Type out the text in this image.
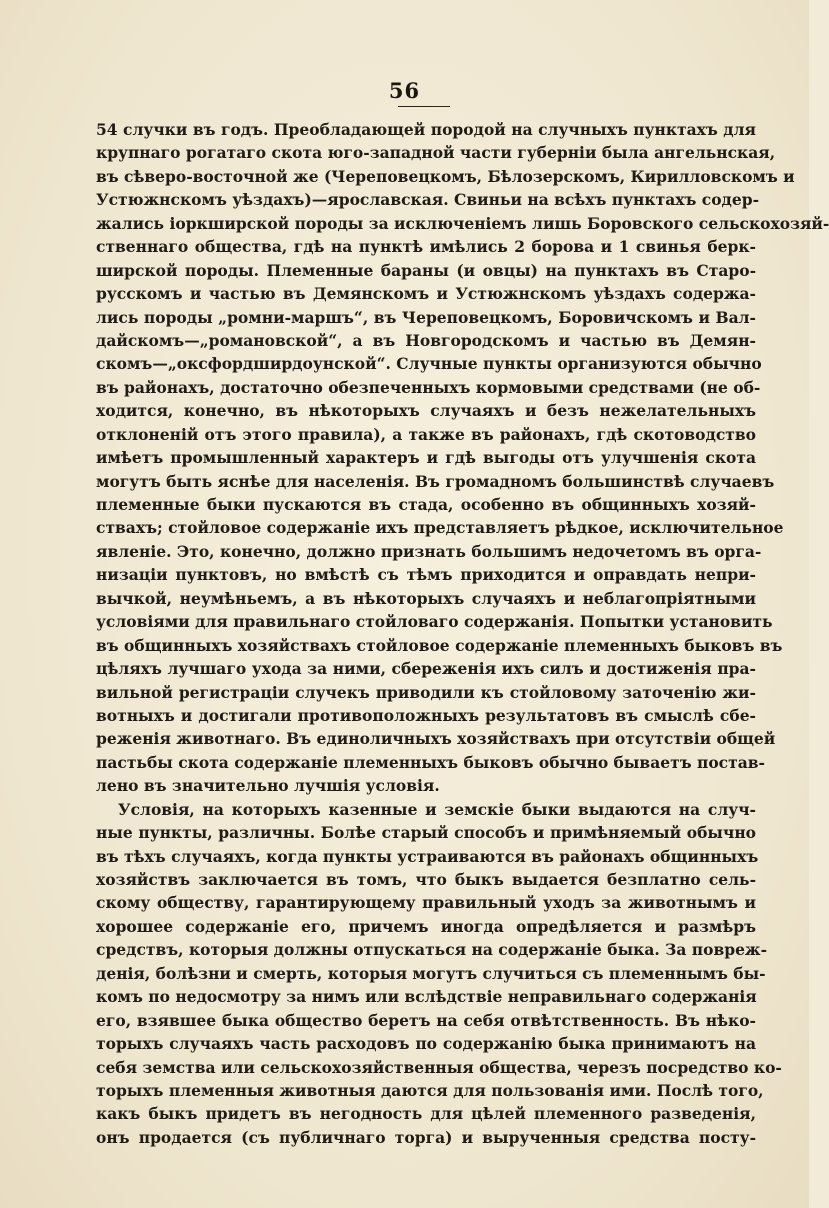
56
54 случки въ годъ. Преобладающей породой на случныхъ пунктахъ для
крупнаго рогатаго скота юго-западной части губерніи была ангельнская,
въ сѣверо-восточной же (Череповецкомъ, Бѣлозерскомъ, Кирилловскомъ и
Устюжнскомъ уѣздахъ)—ярославская. Свиньи на всѣхъ пунктахъ содер-
жались іоркширской породы за исключеніемъ лишь Боровского сельскохозяй-
ственнаго общества, гдѣ на пунктѣ имѣлись 2 борова и 1 свинья берк-
ширской породы. Племенные бараны (и овцы) на пунктахъ въ Старо-
русскомъ и частью въ Демянскомъ и Устюжнскомъ уѣздахъ содержа-
лись породы „ромни-маршъ“, въ Череповецкомъ, Боровичскомъ и Вал-
дайскомъ—„романовской“, а въ Новгородскомъ и частью въ Демян-
скомъ—„оксфордширдоунской“. Случные пункты организуются обычно
въ районахъ, достаточно обезпеченныхъ кормовыми средствами (не об-
ходится, конечно, въ нѣкоторыхъ случаяхъ и безъ нежелательныхъ
отклоненій отъ этого правила), а также въ районахъ, гдѣ скотоводство
имѣетъ промышленный характеръ и гдѣ выгоды отъ улучшенія скота
могутъ быть яснѣе для населенія. Въ громадномъ большинствѣ случаевъ
племенные быки пускаются въ стада, особенно въ общинныхъ хозяй-
ствахъ; стойловое содержаніе ихъ представляетъ рѣдкое, исключительное
явленіе. Это, конечно, должно признать большимъ недочетомъ въ орга-
низаціи пунктовъ, но вмѣстѣ съ тѣмъ приходится и оправдать непри-
вычкой, неумѣньемъ, а въ нѣкоторыхъ случаяхъ и неблагопріятными
условіями для правильнаго стойловаго содержанія. Попытки установить
въ общинныхъ хозяйствахъ стойловое содержаніе племенныхъ быковъ въ
цѣляхъ лучшаго ухода за ними, сбереженія ихъ силъ и достиженія пра-
вильной регистраціи случекъ приводили къ стойловому заточенію жи-
вотныхъ и достигали противоположныхъ результатовъ въ смыслѣ сбе-
реженія животнаго. Въ единоличныхъ хозяйствахъ при отсутствіи общей
пастьбы скота содержаніе племенныхъ быковъ обычно бываетъ постав-
лено въ значительно лучшія условія.
Условія, на которыхъ казенные и земскіе быки выдаются на случ-
ные пункты, различны. Болѣе старый способъ и примѣняемый обычно
въ тѣхъ случаяхъ, когда пункты устраиваются въ районахъ общинныхъ
хозяйствъ заключается въ томъ, что быкъ выдается безплатно сель-
скому обществу, гарантирующему правильный уходъ за животнымъ и
хорошее содержаніе его, причемъ иногда опредѣляется и размѣръ
средствъ, которыя должны отпускаться на содержаніе быка. За повреж-
денія, болѣзни и смерть, которыя могутъ случиться съ племеннымъ бы-
комъ по недосмотру за нимъ или вслѣдствіе неправильнаго содержанія
его, взявшее быка общество беретъ на себя отвѣтственность. Въ нѣко-
торыхъ случаяхъ часть расходовъ по содержанію быка принимаютъ на
себя земства или сельскохозяйственныя общества, черезъ посредство ко-
торыхъ племенныя животныя даются для пользованія ими. Послѣ того,
какъ быкъ придетъ въ негодность для цѣлей племенного разведенія,
онъ продается (съ публичнаго торга) и вырученныя средства посту-
